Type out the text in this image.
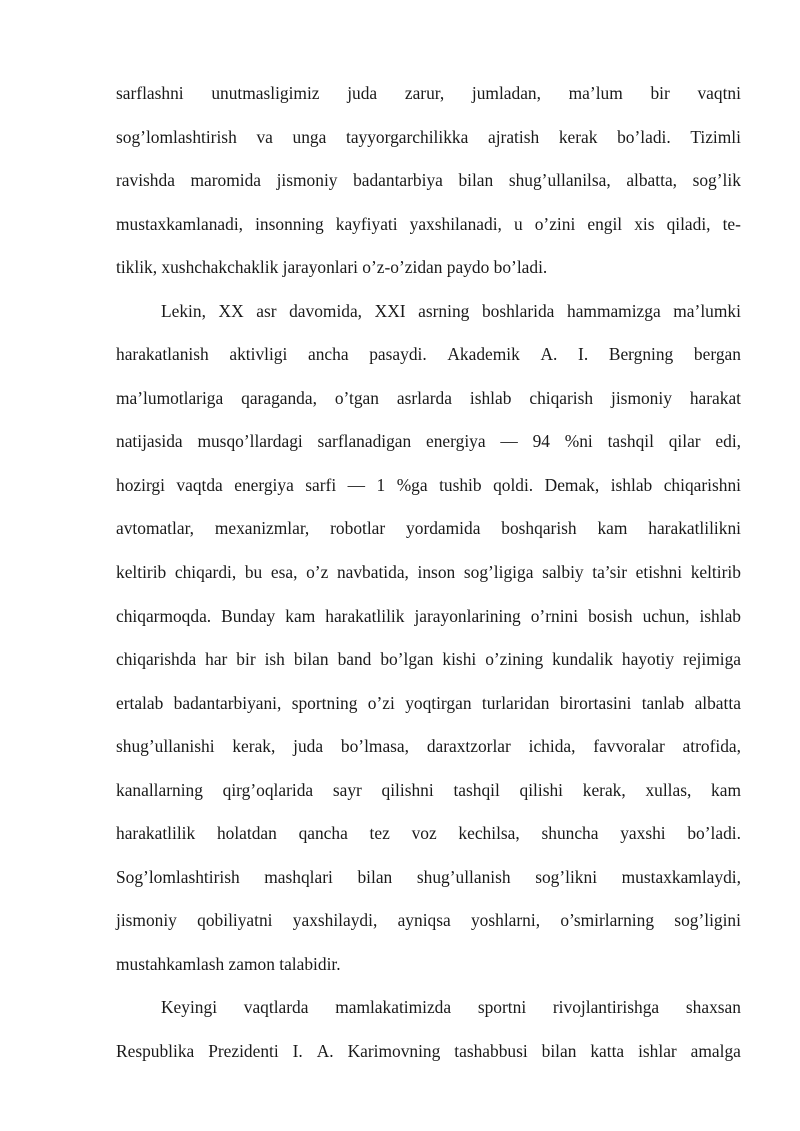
sarflashni unutmasligimiz juda zarur, jumladan, ma’lum bir vaqtni
sog’lomlashtirish va unga tayyorgarchilikka ajratish kerak bo’ladi. Tizimli
ravishda maromida jismoniy badantarbiya bilan shug’ullanilsa, albatta, sog’lik
mustaxkamlanadi, insonning kayfiyati yaxshilanadi, u o’zini engil xis qiladi, te-
tiklik, xushchakchaklik jarayonlari o’z-o’zidan paydo bo’ladi.
Lekin, XX asr davomida, XXI asrning boshlarida hammamizga ma’lumki
harakatlanish aktivligi ancha pasaydi. Akademik A. I. Bergning bergan
ma’lumotlariga qaraganda, o’tgan asrlarda ishlab chiqarish jismoniy harakat
natijasida musqo’llardagi sarflanadigan energiya — 94 %ni tashqil qilar edi,
hozirgi vaqtda energiya sarfi — 1 %ga tushib qoldi. Demak, ishlab chiqarishni
avtomatlar, mexanizmlar, robotlar yordamida boshqarish kam harakatlilikni
keltirib chiqardi, bu esa, o’z navbatida, inson sog’ligiga salbiy ta’sir etishni keltirib
chiqarmoqda. Bunday kam harakatlilik jarayonlarining o’rnini bosish uchun, ishlab
chiqarishda har bir ish bilan band bo’lgan kishi o’zining kundalik hayotiy rejimiga
ertalab badantarbiyani, sportning o’zi yoqtirgan turlaridan birortasini tanlab albatta
shug’ullanishi kerak, juda bo’lmasa, daraxtzorlar ichida, favvoralar atrofida,
kanallarning qirg’oqlarida sayr qilishni tashqil qilishi kerak, xullas, kam
harakatlilik holatdan qancha tez voz kechilsa, shuncha yaxshi bo’ladi.
Sog’lomlashtirish mashqlari bilan shug’ullanish sog’likni mustaxkamlaydi,
jismoniy qobiliyatni yaxshilaydi, ayniqsa yoshlarni, o’smirlarning sog’ligini
mustahkamlash zamon talabidir.
Keyingi vaqtlarda mamlakatimizda sportni rivojlantirishga shaxsan
Respublika Prezidenti I. A. Karimovning tashabbusi bilan katta ishlar amalga
